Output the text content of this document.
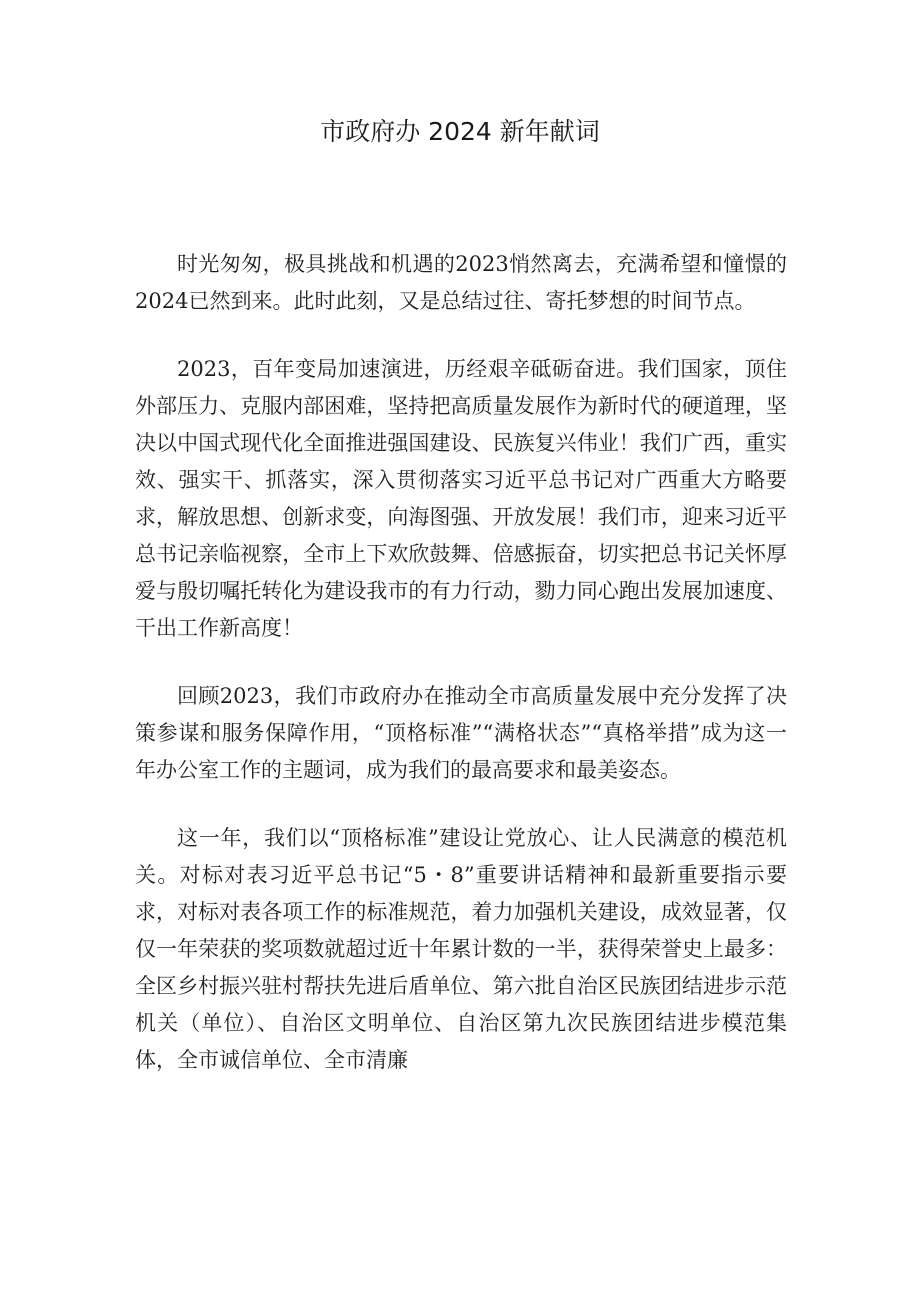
市政府办 2024 新年献词

时光匆匆，极具挑战和机遇的2023悄然离去，充满希望和憧憬的2024已然到来。此时此刻，又是总结过往、寄托梦想的时间节点。

2023，百年变局加速演进，历经艰辛砥砺奋进。我们国家，顶住外部压力、克服内部困难，坚持把高质量发展作为新时代的硬道理，坚决以中国式现代化全面推进强国建设、民族复兴伟业！我们广西，重实效、强实干、抓落实，深入贯彻落实习近平总书记对广西重大方略要求，解放思想、创新求变，向海图强、开放发展！我们市，迎来习近平总书记亲临视察，全市上下欢欣鼓舞、倍感振奋，切实把总书记关怀厚爱与殷切嘱托转化为建设我市的有力行动，勠力同心跑出发展加速度、干出工作新高度！

回顾2023，我们市政府办在推动全市高质量发展中充分发挥了决策参谋和服务保障作用，“顶格标准”“满格状态”“真格举措”成为这一年办公室工作的主题词，成为我们的最高要求和最美姿态。

这一年，我们以“顶格标准”建设让党放心、让人民满意的模范机关。对标对表习近平总书记“5・8”重要讲话精神和最新重要指示要求，对标对表各项工作的标准规范，着力加强机关建设，成效显著，仅仅一年荣获的奖项数就超过近十年累计数的一半，获得荣誉史上最多：全区乡村振兴驻村帮扶先进后盾单位、第六批自治区民族团结进步示范机关（单位）、自治区文明单位、自治区第九次民族团结进步模范集体，全市诚信单位、全市清廉
